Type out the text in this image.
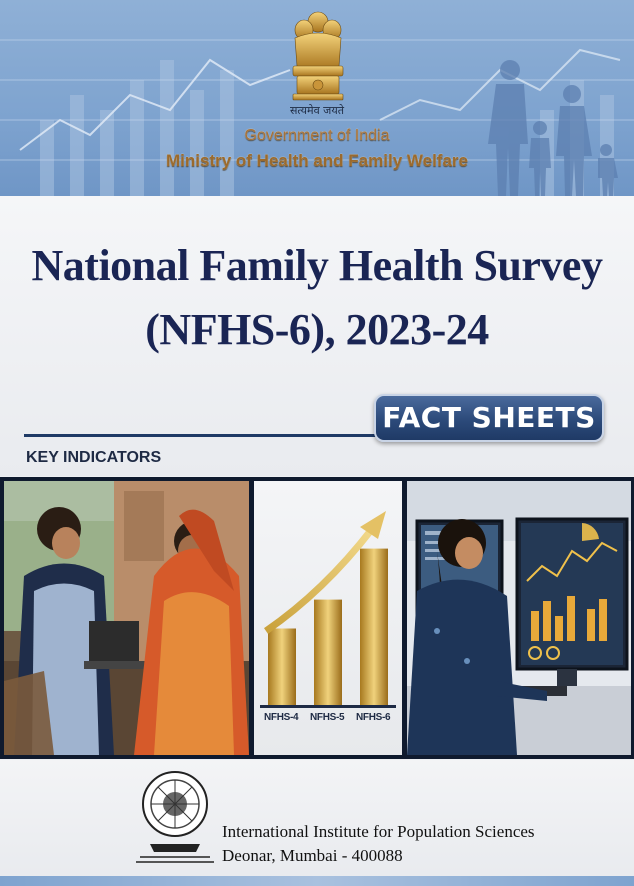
सत्यमेव जयते
Government of India
Ministry of Health and Family Welfare
National Family Health Survey
(NFHS-6), 2023-24
FACT SHEETS
KEY INDICATORS
NFHS-4 NFHS-5 NFHS-6
International Institute for Population Sciences
Deonar, Mumbai - 400088
